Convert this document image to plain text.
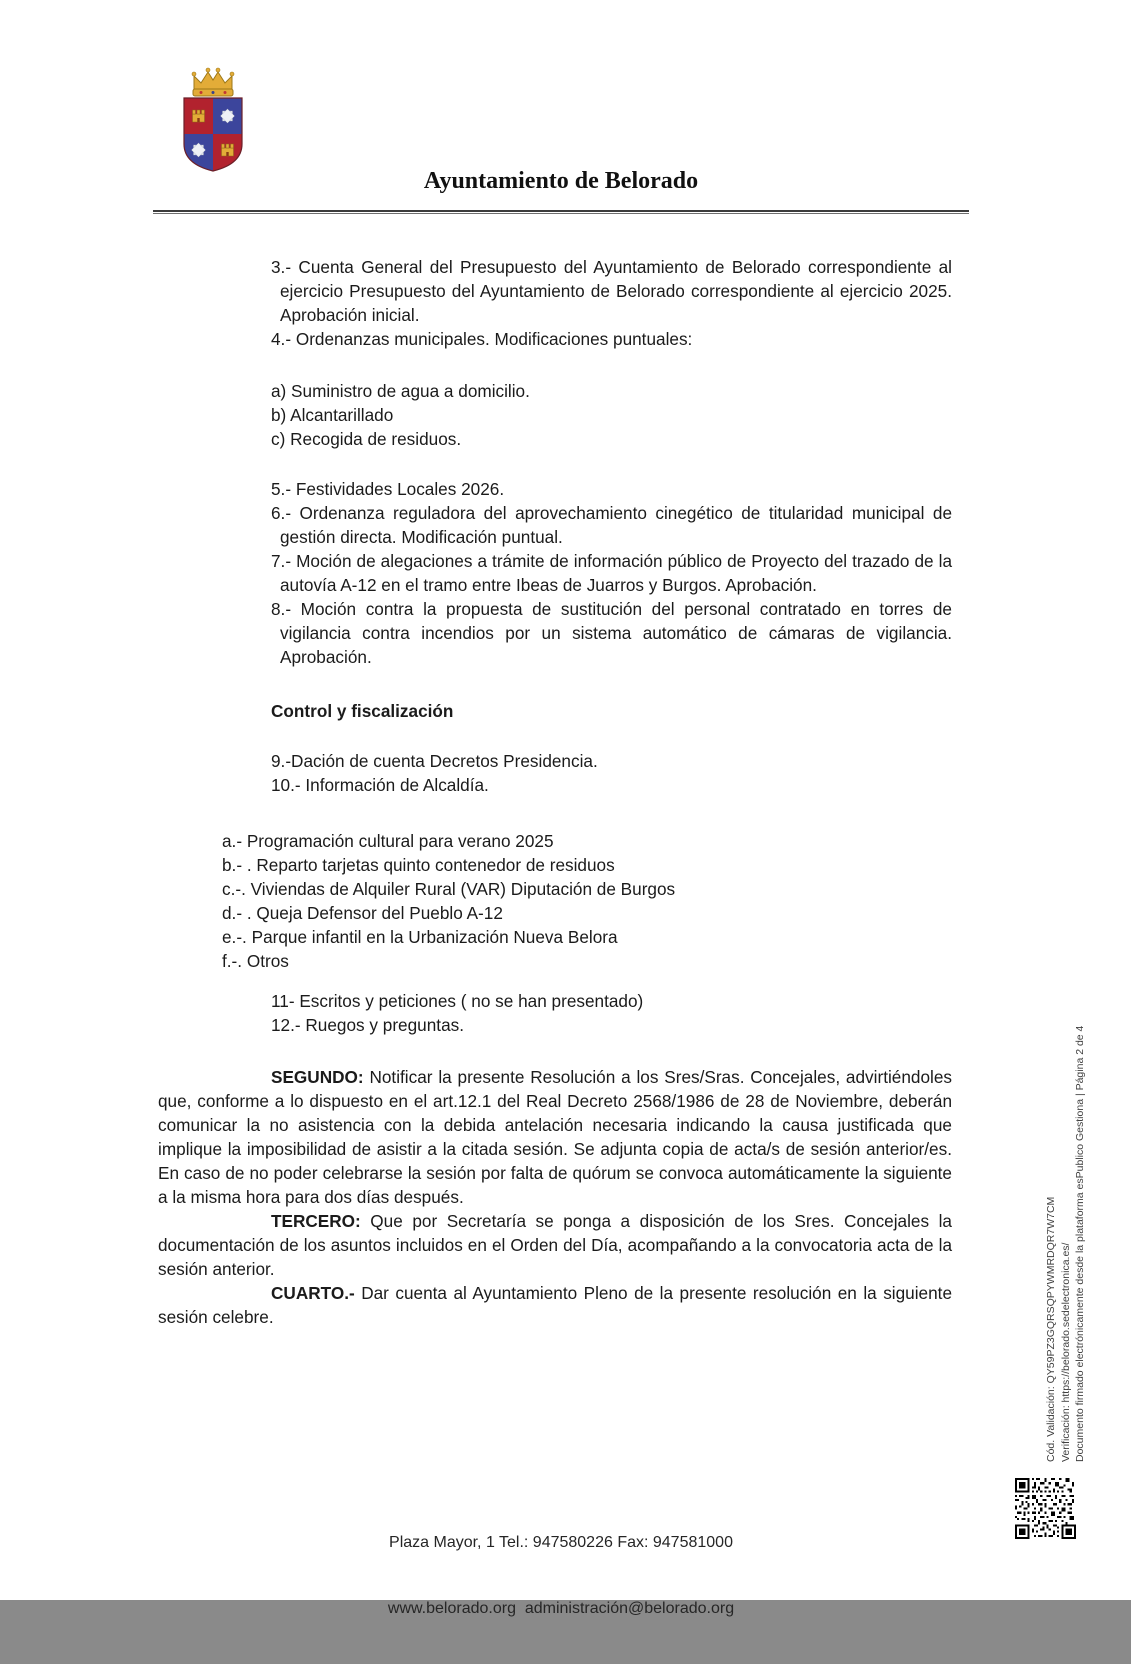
Ayuntamiento de Belorado
3.- Cuenta General del Presupuesto del Ayuntamiento de Belorado correspondiente al ejercicio Presupuesto del Ayuntamiento de Belorado correspondiente al ejercicio 2025. Aprobación inicial.
4.- Ordenanzas municipales. Modificaciones puntuales:
a) Suministro de agua a domicilio.
b) Alcantarillado
c) Recogida de residuos.
5.- Festividades Locales 2026.
6.- Ordenanza reguladora del aprovechamiento cinegético de titularidad municipal de gestión directa. Modificación puntual.
7.- Moción de alegaciones a trámite de información público de Proyecto del trazado de la autovía A-12 en el tramo entre Ibeas de Juarros y Burgos. Aprobación.
8.- Moción contra la propuesta de sustitución del personal contratado en torres de vigilancia contra incendios por un sistema automático de cámaras de vigilancia. Aprobación.
Control y fiscalización
9.-Dación de cuenta Decretos Presidencia.
10.- Información de Alcaldía.
a.- Programación cultural para verano 2025
b.- . Reparto tarjetas quinto contenedor de residuos
c.-. Viviendas de Alquiler Rural (VAR) Diputación de Burgos
d.- . Queja Defensor del Pueblo A-12
e.-. Parque infantil en la Urbanización Nueva Belora
f.-. Otros
11- Escritos y peticiones ( no se han presentado)
12.- Ruegos y preguntas.

SEGUNDO: Notificar la presente Resolución a los Sres/Sras. Concejales, advirtiéndoles que, conforme a lo dispuesto en el art.12.1 del Real Decreto 2568/1986 de 28 de Noviembre, deberán comunicar la no asistencia con la debida antelación necesaria indicando la causa justificada que implique la imposibilidad de asistir a la citada sesión. Se adjunta copia de acta/s de sesión anterior/es. En caso de no poder celebrarse la sesión por falta de quórum se convoca automáticamente la siguiente a la misma hora para dos días después.

TERCERO: Que por Secretaría se ponga a disposición de los Sres. Concejales la documentación de los asuntos incluidos en el Orden del Día, acompañando a la convocatoria acta de la sesión anterior.

CUARTO.- Dar cuenta al Ayuntamiento Pleno de la presente resolución en la siguiente sesión celebre.

Plaza Mayor, 1 Tel.: 947580226 Fax: 947581000

www.belorado.org  administración@belorado.org

Cód. Validación: QY59PZ3GQRSQPYWMRDQR7W7CM Verificación: https://belorado.sedelectronica.es/ Documento firmado electrónicamente desde la plataforma esPublico Gestiona | Página 2 de 4
